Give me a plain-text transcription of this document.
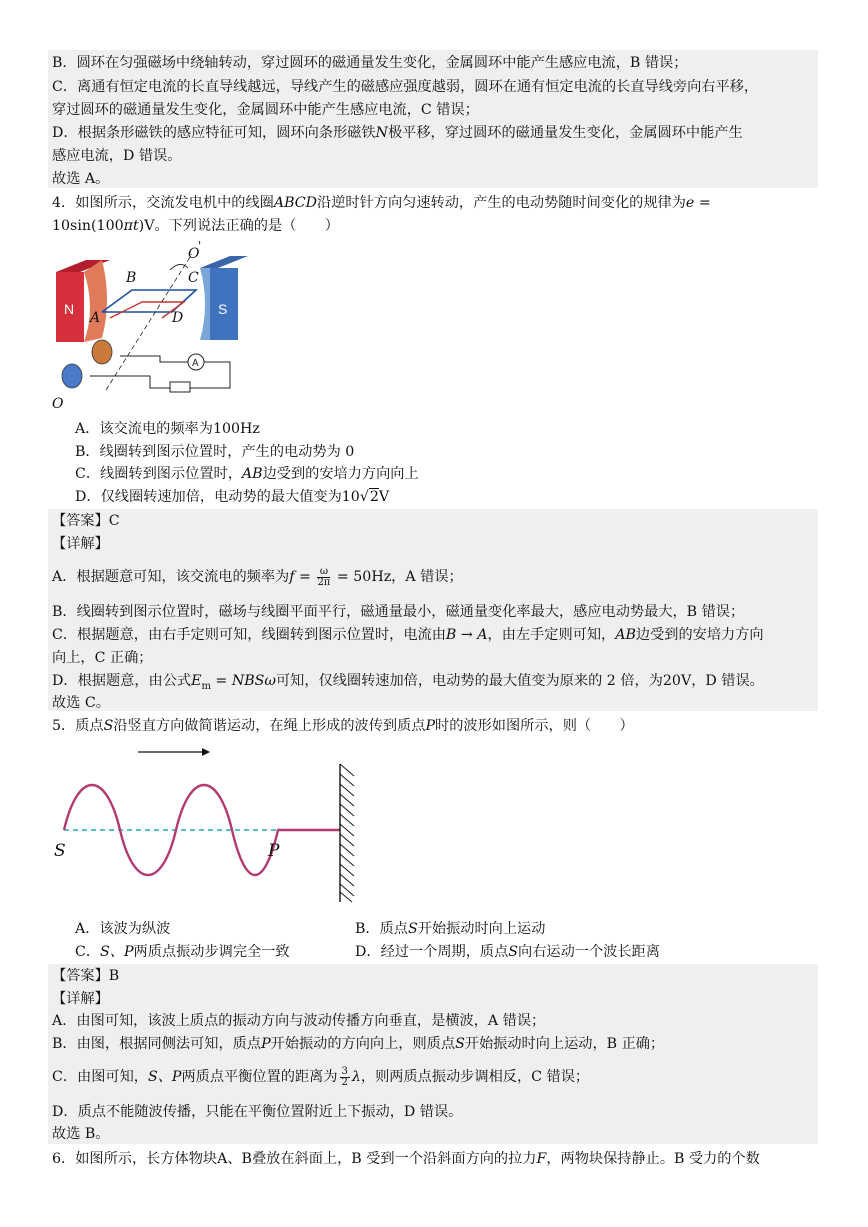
B．圆环在匀强磁场中绕轴转动，穿过圆环的磁通量发生变化，金属圆环中能产生感应电流，B 错误；
C．离通有恒定电流的长直导线越远，导线产生的磁感应强度越弱，圆环在通有恒定电流的长直导线旁向右平移，
穿过圆环的磁通量发生变化，金属圆环中能产生感应电流，C 错误；
D．根据条形磁铁的感应特征可知，圆环向条形磁铁N极平移，穿过圆环的磁通量发生变化，金属圆环中能产生
感应电流，D 错误。
故选 A。
4．如图所示，交流发电机中的线圈ABCD沿逆时针方向匀速转动，产生的电动势随时间变化的规律为e =
10sin(100πt)V。下列说法正确的是（　　）
N	S
A
B	C
A	D
O
'
O
A．该交流电的频率为100Hz
B．线圈转到图示位置时，产生的电动势为 0
C．线圈转到图示位置时，AB边受到的安培力方向向上
D．仅线圈转速加倍，电动势的最大值变为10√2V
【答案】C
【详解】
A．根据题意可知，该交流电的频率为$f = \frac{\omega}{2\pi} = 50Hz$，A 错误；
B．线圈转到图示位置时，磁场与线圈平面平行，磁通量最小，磁通量变化率最大，感应电动势最大，B 错误；
C．根据题意，由右手定则可知，线圈转到图示位置时，电流由B → A，由左手定则可知，AB边受到的安培力方向
向上，C 正确；
D．根据题意，由公式$E_m = NBS\omega$可知，仅线圈转速加倍，电动势的最大值变为原来的 2 倍，为20V，D 错误。
故选 C。
5．质点S沿竖直方向做简谐运动，在绳上形成的波传到质点P时的波形如图所示，则（　　）
S	P
A．该波为纵波	B．质点S开始振动时向上运动
C．S、P两质点振动步调完全一致	D．经过一个周期，质点S向右运动一个波长距离
【答案】B
【详解】
A．由图可知，该波上质点的振动方向与波动传播方向垂直，是横波，A 错误；
B．由图，根据同侧法可知，质点P开始振动的方向向上，则质点S开始振动时向上运动，B 正确；
C．由图可知，S、P两质点平衡位置的距离为 $\frac{3}{2}$ λ，则两质点振动步调相反，C 错误；
D．质点不能随波传播，只能在平衡位置附近上下振动，D 错误。
故选 B。
6．如图所示，长方体物块A、B叠放在斜面上，B 受到一个沿斜面方向的拉力F，两物块保持静止。B 受力的个数
